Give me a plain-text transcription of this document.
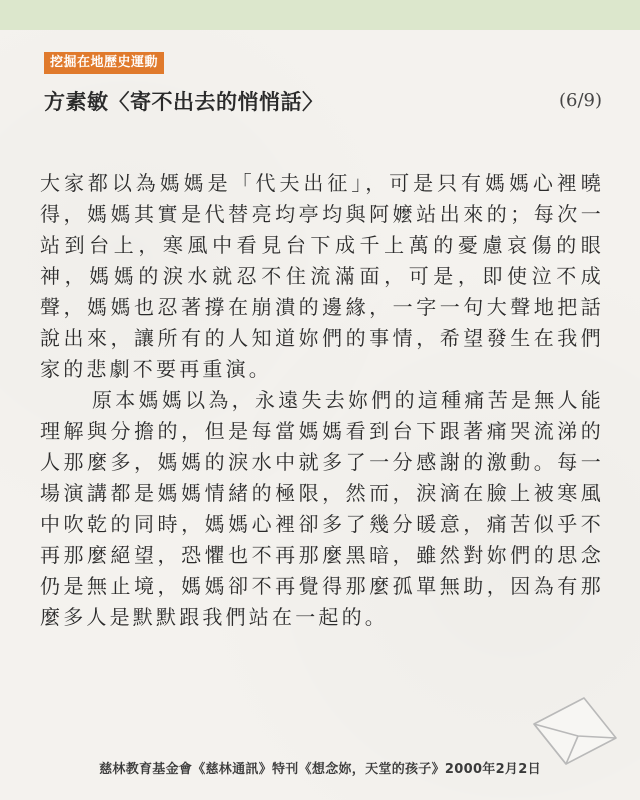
挖掘在地歷史運動
方素敏〈寄不出去的悄悄話〉	(6/9)

大家都以為媽媽是「代夫出征」，可是只有媽媽心裡曉得，媽媽其實是代替亮均亭均與阿嬤站出來的；每次一站到台上，寒風中看見台下成千上萬的憂慮哀傷的眼神，媽媽的淚水就忍不住流滿面，可是，即使泣不成聲，媽媽也忍著撐在崩潰的邊緣，一字一句大聲地把話說出來，讓所有的人知道妳們的事情，希望發生在我們家的悲劇不要再重演。

原本媽媽以為，永遠失去妳們的這種痛苦是無人能理解與分擔的，但是每當媽媽看到台下跟著痛哭流涕的人那麼多，媽媽的淚水中就多了一分感謝的激動。每一場演講都是媽媽情緒的極限，然而，淚滴在臉上被寒風中吹乾的同時，媽媽心裡卻多了幾分暖意，痛苦似乎不再那麼絕望，恐懼也不再那麼黑暗，雖然對妳們的思念仍是無止境，媽媽卻不再覺得那麼孤單無助，因為有那麼多人是默默跟我們站在一起的。

慈林教育基金會《慈林通訊》特刊《想念妳，天堂的孩子》2000年2月2日
